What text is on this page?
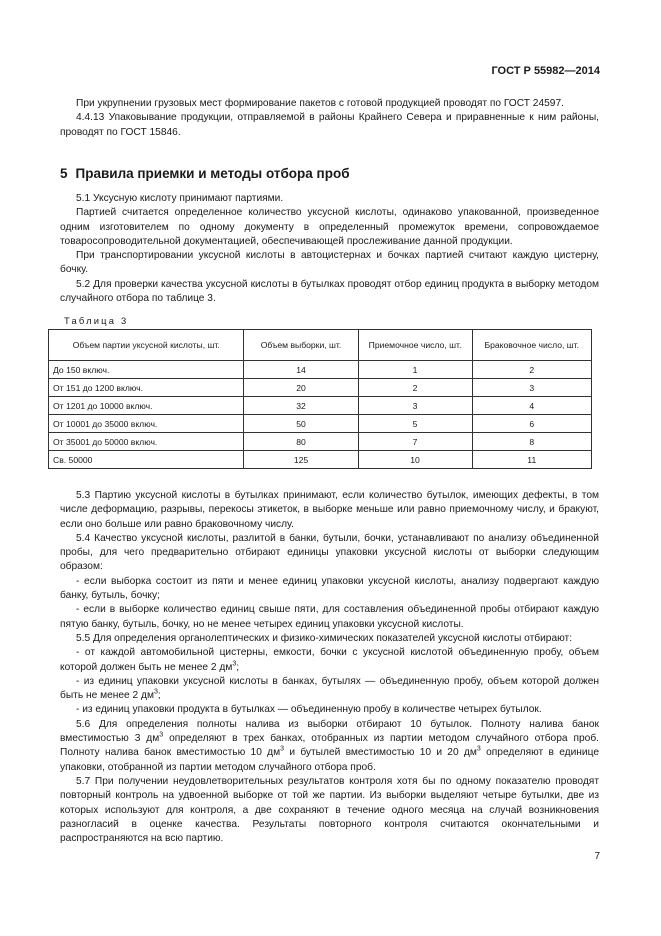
ГОСТ Р 55982—2014

При укрупнении грузовых мест формирование пакетов с готовой продукцией проводят по ГОСТ 24597.

4.4.13 Упаковывание продукции, отправляемой в районы Крайнего Севера и приравненные к ним районы, проводят по ГОСТ 15846.

5 Правила приемки и методы отбора проб

5.1 Уксусную кислоту принимают партиями.

Партией считается определенное количество уксусной кислоты, одинаково упакованной, произведенное одним изготовителем по одному документу в определенный промежуток времени, сопровождаемое товаросопроводительной документацией, обеспечивающей прослеживание данной продукции.

При транспортировании уксусной кислоты в автоцистернах и бочках партией считают каждую цистерну, бочку.

5.2 Для проверки качества уксусной кислоты в бутылках проводят отбор единиц продукта в выборку методом случайного отбора по таблице 3.

Таблица 3
Объем партии уксусной кислоты, шт.	Объем выборки, шт.	Приемочное число, шт.	Браковочное число, шт.
До 150 включ.	14	1	2
От 151 до 1200 включ.	20	2	3
От 1201 до 10000 включ.	32	3	4
От 10001 до 35000 включ.	50	5	6
От 35001 до 50000 включ.	80	7	8
Св. 50000	125	10	11

5.3 Партию уксусной кислоты в бутылках принимают, если количество бутылок, имеющих дефекты, в том числе деформацию, разрывы, перекосы этикеток, в выборке меньше или равно приемочному числу, и бракуют, если оно больше или равно браковочному числу.

5.4 Качество уксусной кислоты, разлитой в банки, бутыли, бочки, устанавливают по анализу объединенной пробы, для чего предварительно отбирают единицы упаковки уксусной кислоты от выборки следующим образом:

- если выборка состоит из пяти и менее единиц упаковки уксусной кислоты, анализу подвергают каждую банку, бутыль, бочку;

- если в выборке количество единиц свыше пяти, для составления объединенной пробы отбирают каждую пятую банку, бутыль, бочку, но не менее четырех единиц упаковки уксусной кислоты.

5.5 Для определения органолептических и физико-химических показателей уксусной кислоты отбирают:

- от каждой автомобильной цистерны, емкости, бочки с уксусной кислотой объединенную пробу, объем которой должен быть не менее 2 $дм^3$;

- из единиц упаковки уксусной кислоты в банках, бутылях — объединенную пробу, объем которой должен быть не менее 2 $дм^3$;

- из единиц упаковки продукта в бутылках — объединенную пробу в количестве четырех бутылок.

5.6 Для определения полноты налива из выборки отбирают 10 бутылок. Полноту налива банок вместимостью 3 $дм^3$ определяют в трех банках, отобранных из партии методом случайного отбора проб. Полноту налива банок вместимостью 10 $дм^3$ и бутылей вместимостью 10 и 20 $дм^3$ определяют в единице упаковки, отобранной из партии методом случайного отбора проб.

5.7 При получении неудовлетворительных результатов контроля хотя бы по одному показателю проводят повторный контроль на удвоенной выборке от той же партии. Из выборки выделяют четыре бутылки, две из которых используют для контроля, а две сохраняют в течение одного месяца на случай возникновения разногласий в оценке качества. Результаты повторного контроля считаются окончательными и распространяются на всю партию.

7
